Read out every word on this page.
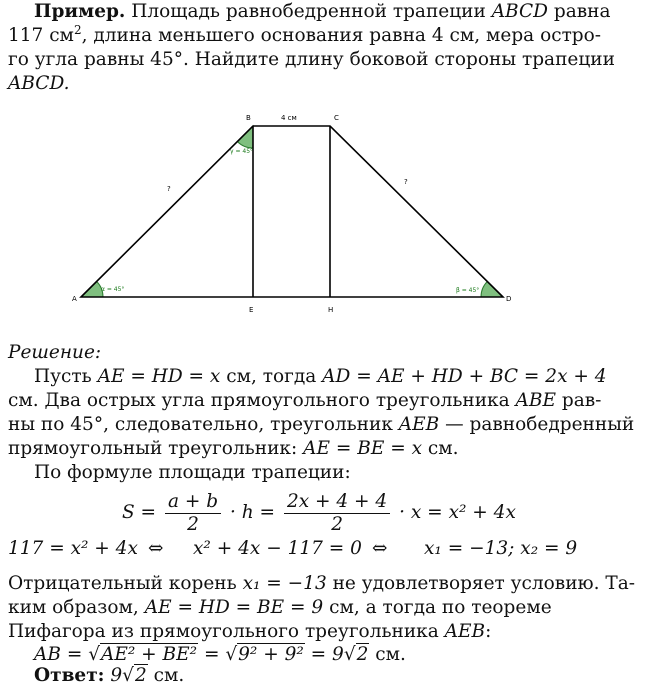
Пример. Площадь равнобедренной трапеции ABCD равна
117 $см^2$, длина меньшего основания равна 4 см, мера остро-
го угла равны 45°. Найдите длину боковой стороны трапеции
ABCD.
A
B	C
D
E	H
4 см
?
?
α = 45°	β = 45°
γ = 45°
Решение:
Пусть AE = HD = x см, тогда AD = AE + HD + BC = 2x + 4
см. Два острых угла прямоугольного треугольника ABE рав-
ны по 45°, следовательно, треугольник AEB — равнобедренный
прямоугольный треугольник: AE = BE = x см.
По формуле площади трапеции:
$S = \frac{a + b}{2} \cdot h = \frac{2x + 4 + 4}{2} \cdot x = x^2 + 4x$
117 = x² + 4x ⇔ x² + 4x − 117 = 0 ⇔ x₁ = −13; x₂ = 9
Отрицательный корень x₁ = −13 не удовлетворяет условию. Та-
ким образом, AE = HD = BE = 9 см, а тогда по теореме
Пифагора из прямоугольного треугольника AEB:
AB = √AE² + BE² = √9² + 9² = 9√2 см.
Ответ: 9√2 см.
